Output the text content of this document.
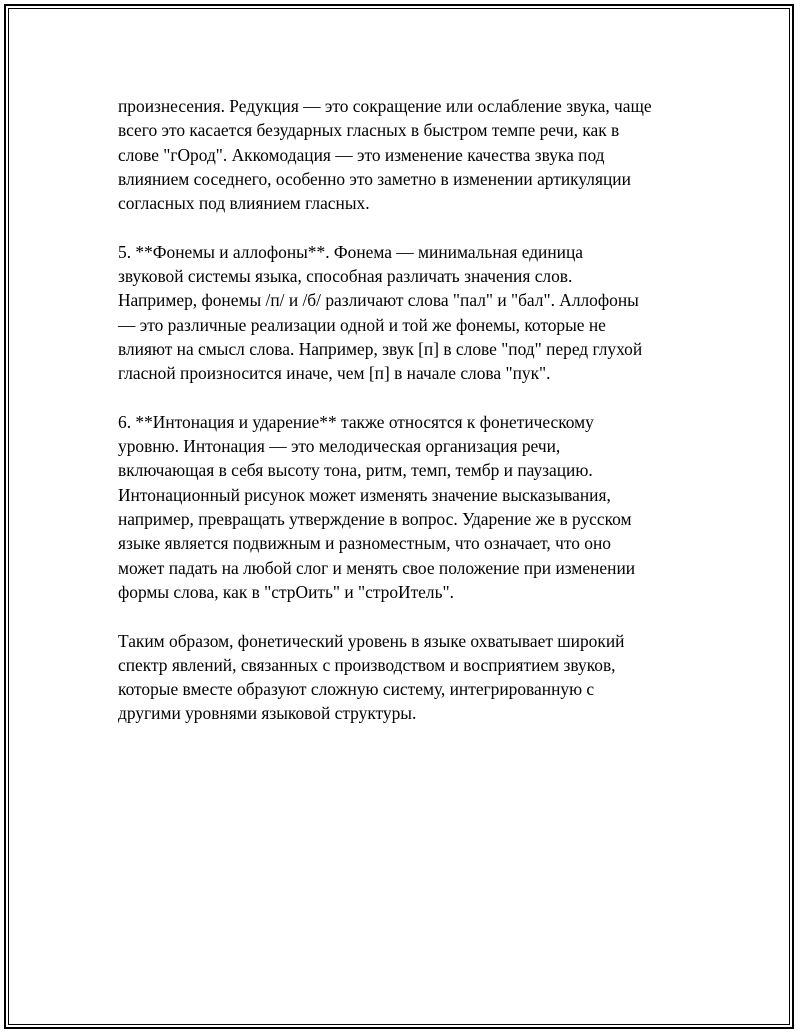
произнесения. Редукция — это сокращение или ослабление звука, чаще
всего это касается безударных гласных в быстром темпе речи, как в
слове "гОрод". Аккомодация — это изменение качества звука под
влиянием соседнего, особенно это заметно в изменении артикуляции
согласных под влиянием гласных.

5. **Фонемы и аллофоны**. Фонема — минимальная единица
звуковой системы языка, способная различать значения слов.
Например, фонемы /п/ и /б/ различают слова "пал" и "бал". Аллофоны
— это различные реализации одной и той же фонемы, которые не
влияют на смысл слова. Например, звук [п] в слове "под" перед глухой
гласной произносится иначе, чем [п] в начале слова "пук".

6. **Интонация и ударение** также относятся к фонетическому
уровню. Интонация — это мелодическая организация речи,
включающая в себя высоту тона, ритм, темп, тембр и паузацию.
Интонационный рисунок может изменять значение высказывания,
например, превращать утверждение в вопрос. Ударение же в русском
языке является подвижным и разноместным, что означает, что оно
может падать на любой слог и менять свое положение при изменении
формы слова, как в "стрОить" и "строИтель".

Таким образом, фонетический уровень в языке охватывает широкий
спектр явлений, связанных с производством и восприятием звуков,
которые вместе образуют сложную систему, интегрированную с
другими уровнями языковой структуры.
